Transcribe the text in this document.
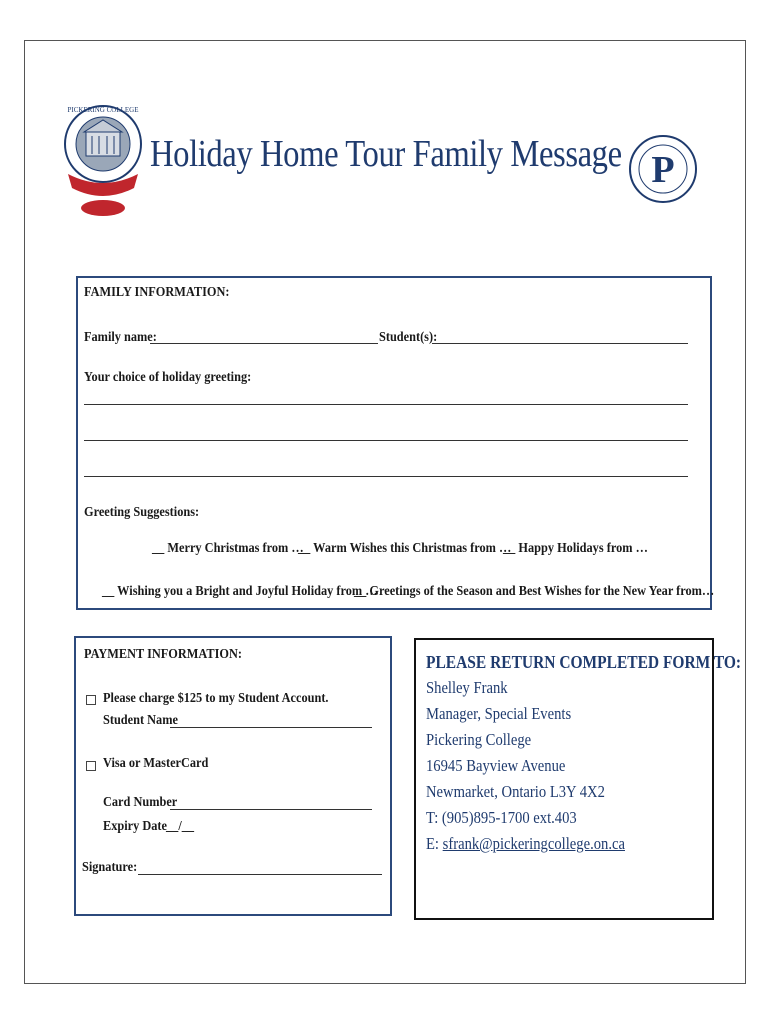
PICKERING COLLEGE
Holiday Home Tour Family Message P
FAMILY INFORMATION:
Family name:	Student(s):
Your choice of holiday greeting:
Greeting Suggestions:
__ Merry Christmas from …
__ Warm Wishes this Christmas from …
__ Happy Holidays from …
__ Wishing you a Bright and Joyful Holiday from …
__ Greetings of the Season and Best Wishes for the New Year from…
PAYMENT INFORMATION:
Please charge $125 to my Student Account.
Student Name
Visa or MasterCard
Card Number
Expiry Date __/__
Signature:
PLEASE RETURN COMPLETED FORM TO:
Shelley Frank
Manager, Special Events
Pickering College
16945 Bayview Avenue
Newmarket, Ontario L3Y 4X2
T: (905)895-1700 ext.403
E: sfrank@pickeringcollege.on.ca
